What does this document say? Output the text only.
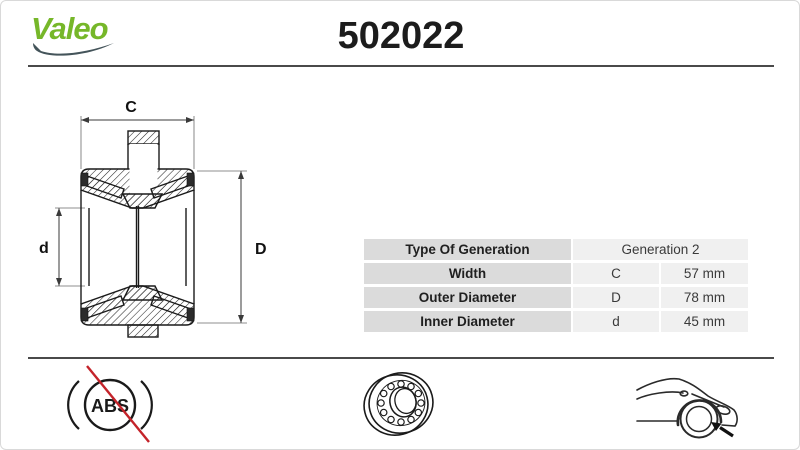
Valeo	502022
C
D
d	Type Of Generation	Generation 2
Width	C	57 mm
Outer Diameter	D	78 mm
Inner Diameter	d	45 mm
ABS
